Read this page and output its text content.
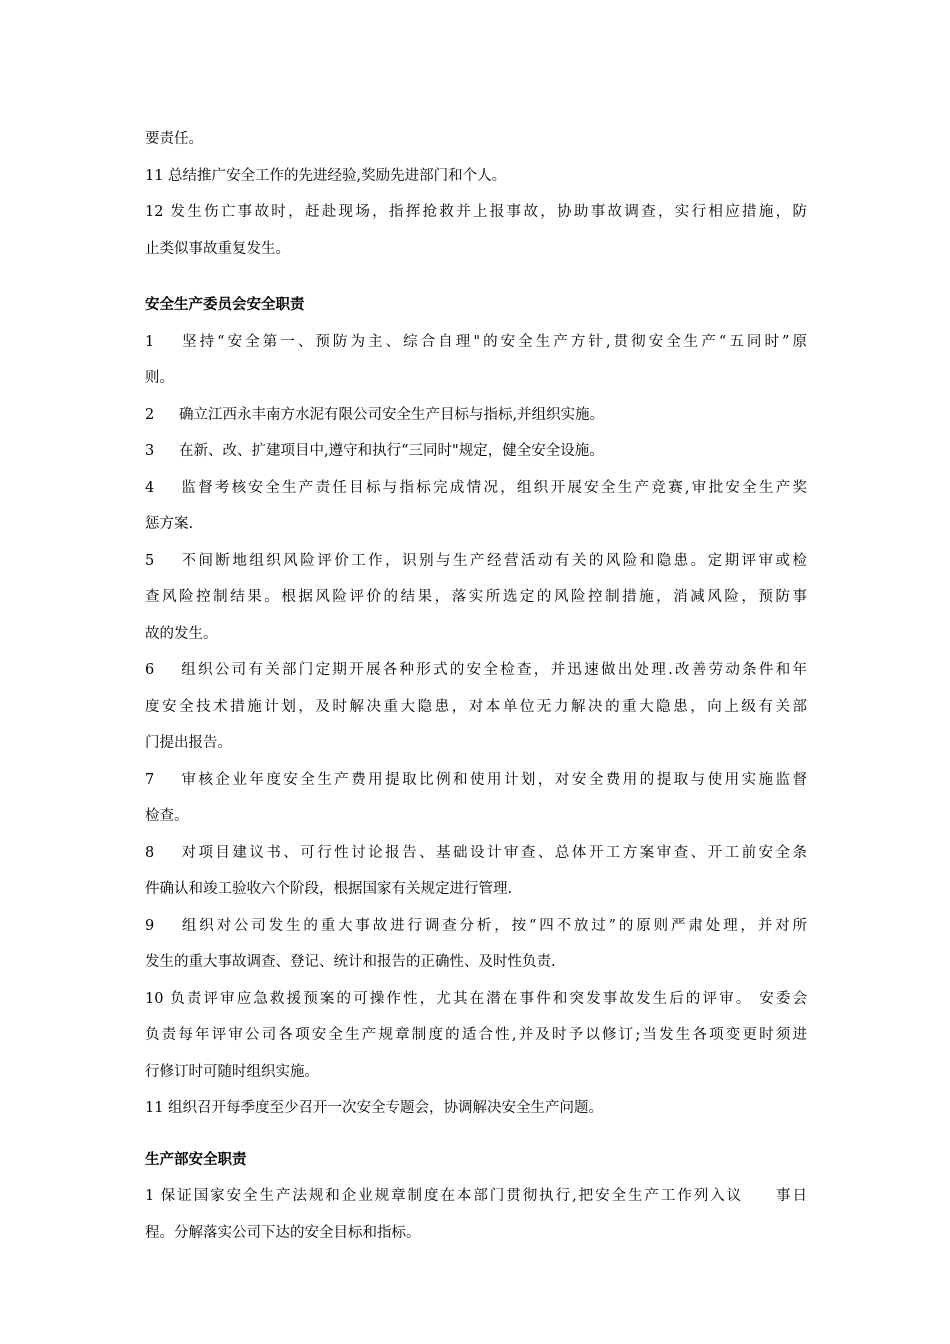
要责任。
11 总结推广安全工作的先进经验,奖励先进部门和个人。
12 发生伤亡事故时，赶赴现场，指挥抢救并上报事故，协助事故调查，实行相应措施，防
止类似事故重复发生。
安全生产委员会安全职责
1 坚持“安全第一、预防为主、综合自理"的安全生产方针,贯彻安全生产“五同时”原
则。
2 确立江西永丰南方水泥有限公司安全生产目标与指标,并组织实施。
3 在新、改、扩建项目中,遵守和执行“三同时"规定，健全安全设施。
4 监督考核安全生产责任目标与指标完成情况，组织开展安全生产竞赛,审批安全生产奖
惩方案.
5 不间断地组织风险评价工作，识别与生产经营活动有关的风险和隐患。定期评审或检
查风险控制结果。根据风险评价的结果，落实所选定的风险控制措施，消减风险，预防事
故的发生。
6 组织公司有关部门定期开展各种形式的安全检查，并迅速做出处理.改善劳动条件和年
度安全技术措施计划，及时解决重大隐患，对本单位无力解决的重大隐患，向上级有关部
门提出报告。
7 审核企业年度安全生产费用提取比例和使用计划，对安全费用的提取与使用实施监督
检查。
8 对项目建议书、可行性讨论报告、基础设计审查、总体开工方案审查、开工前安全条
件确认和竣工验收六个阶段，根据国家有关规定进行管理.
9 组织对公司发生的重大事故进行调查分析，按“四不放过”的原则严肃处理，并对所
发生的重大事故调查、登记、统计和报告的正确性、及时性负责.
10 负责评审应急救援预案的可操作性，尤其在潜在事件和突发事故发生后的评审。 安委会
负责每年评审公司各项安全生产规章制度的适合性,并及时予以修订;当发生各项变更时须进
行修订时可随时组织实施。
11 组织召开每季度至少召开一次安全专题会，协调解决安全生产问题。
生产部安全职责
1 保证国家安全生产法规和企业规章制度在本部门贯彻执行,把安全生产工作列入议　　事日
程。分解落实公司下达的安全目标和指标。
